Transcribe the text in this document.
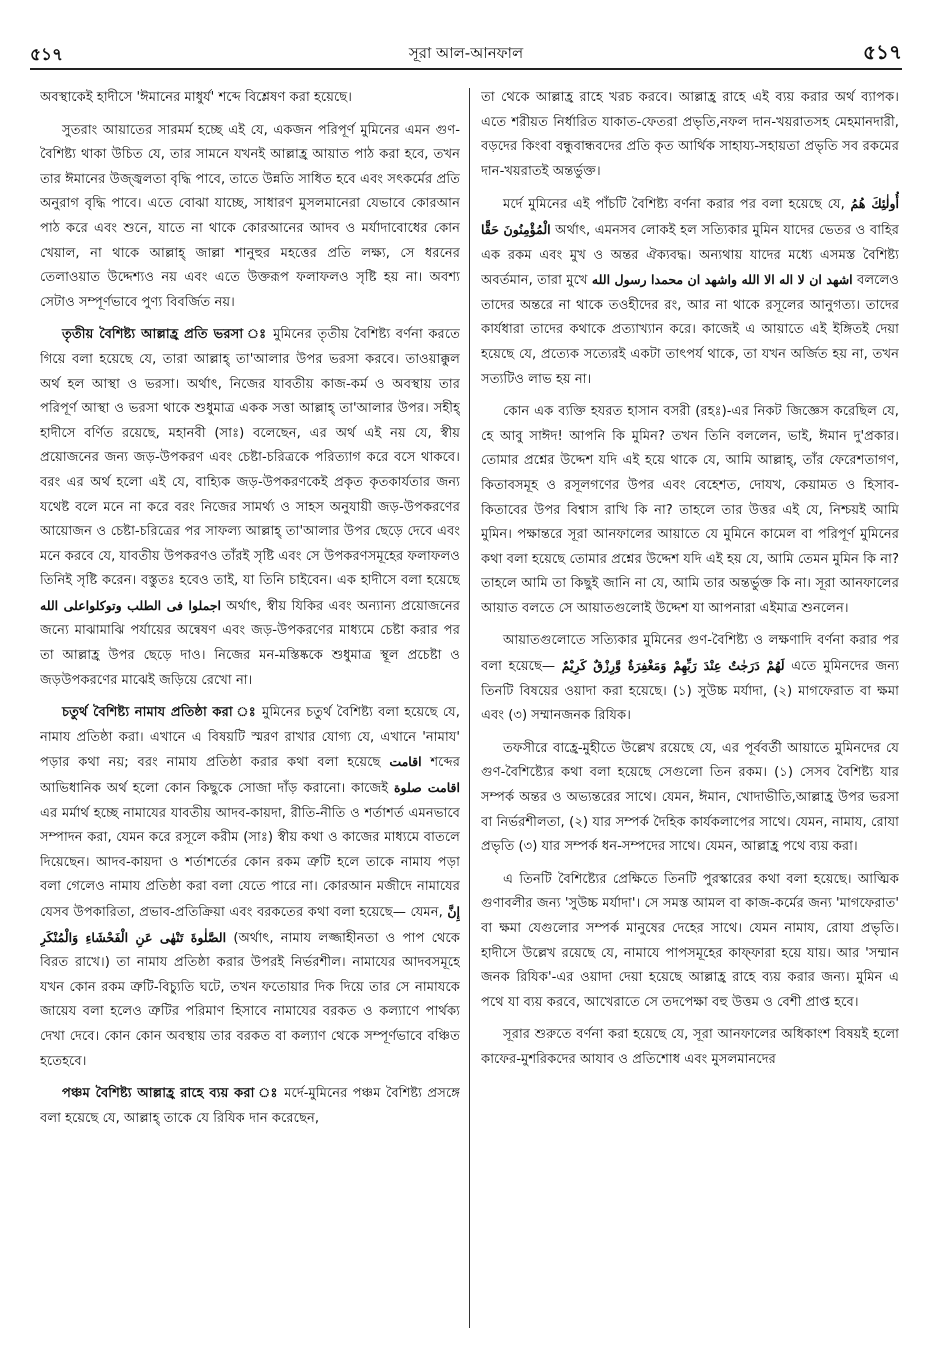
৫১৭	সূরা আল-আনফাল	৫১৭

অবস্থাকেই হাদীসে 'ঈমানের মাধুর্য' শব্দে বিশ্লেষণ করা হয়েছে।

সুতরাং আয়াতের সারমর্ম হচ্ছে এই যে, একজন পরিপূর্ণ মুমিনের এমন গুণ-বৈশিষ্ট্য থাকা উচিত যে, তার সামনে যখনই আল্লাহ্র আয়াত পাঠ করা হবে, তখন তার ঈমানের উজ্জ্বলতা বৃদ্ধি পাবে, তাতে উন্নতি সাধিত হবে এবং সৎকর্মের প্রতি অনুরাগ বৃদ্ধি পাবে। এতে বোঝা যাচ্ছে, সাধারণ মুসলমানেরা যেভাবে কোরআন পাঠ করে এবং শুনে, যাতে না থাকে কোরআনের আদব ও মর্যাদাবোধের কোন খেয়াল, না থাকে আল্লাহ্ জাল্লা শানুহুর মহত্তের প্রতি লক্ষ্য, সে ধরনের তেলাওয়াত উদ্দেশ্যও নয় এবং এতে উক্তরূপ ফলাফলও সৃষ্টি হয় না। অবশ্য সেটাও সম্পূর্ণভাবে পুণ্য বিবর্জিত নয়।

তৃতীয় বৈশিষ্ট্য আল্লাহ্র প্রতি ভরসা ঃ মুমিনের তৃতীয় বৈশিষ্ট্য বর্ণনা করতে গিয়ে বলা হয়েছে যে, তারা আল্লাহ্ তা'আলার উপর ভরসা করবে। তাওয়াক্কুল অর্থ হল আস্থা ও ভরসা। অর্থাৎ, নিজের যাবতীয় কাজ-কর্ম ও অবস্থায় তার পরিপূর্ণ আস্থা ও ভরসা থাকে শুধুমাত্র একক সত্তা আল্লাহ্ তা'আলার উপর। সহীহ্ হাদীসে বর্ণিত রয়েছে, মহানবী (সাঃ) বলেছেন, এর অর্থ এই নয় যে, স্বীয় প্রয়োজনের জন্য জড়-উপকরণ এবং চেষ্টা-চরিত্রকে পরিত্যাগ করে বসে থাকবে। বরং এর অর্থ হলো এই যে, বাহ্যিক জড়-উপকরণকেই প্রকৃত কৃতকার্যতার জন্য যথেষ্ট বলে মনে না করে বরং নিজের সামর্থ্য ও সাহস অনুযায়ী জড়-উপকরণের আয়োজন ও চেষ্টা-চরিত্রের পর সাফল্য আল্লাহ্ তা'আলার উপর ছেড়ে দেবে এবং মনে করবে যে, যাবতীয় উপকরণও তাঁরই সৃষ্টি এবং সে উপকরণসমূহের ফলাফলও তিনিই সৃষ্টি করেন। বস্তুতঃ হবেও তাই, যা তিনি চাইবেন। এক হাদীসে বলা হয়েছে اجملوا فى الطلب وتوكلواعلى الله অর্থাৎ, স্বীয় যিকির এবং অন্যান্য প্রয়োজনের জন্যে মাঝামাঝি পর্যায়ের অন্বেষণ এবং জড়-উপকরণের মাধ্যমে চেষ্টা করার পর তা আল্লাহ্র উপর ছেড়ে দাও। নিজের মন-মস্তিষ্ককে শুধুমাত্র স্থূল প্রচেষ্টা ও জড়উপকরণের মাঝেই জড়িয়ে রেখো না।

চতুর্থ বৈশিষ্ট্য নামায প্রতিষ্ঠা করা ঃ মুমিনের চতুর্থ বৈশিষ্ট্য বলা হয়েছে যে, নামায প্রতিষ্ঠা করা। এখানে এ বিষয়টি স্মরণ রাখার যোগ্য যে, এখানে 'নামায' পড়ার কথা নয়; বরং নামায প্রতিষ্ঠা করার কথা বলা হয়েছে اقامت শব্দের আভিধানিক অর্থ হলো কোন কিছুকে সোজা দাঁড় করানো। কাজেই اقامت صلوة এর মর্মার্থ হচ্ছে নামাযের যাবতীয় আদব-কায়দা, রীতি-নীতি ও শর্তাশর্ত এমনভাবে সম্পাদন করা, যেমন করে রসূলে করীম (সাঃ) স্বীয় কথা ও কাজের মাধ্যমে বাতলে দিয়েছেন। আদব-কায়দা ও শর্তাশর্তের কোন রকম ত্রুটি হলে তাকে নামায পড়া বলা গেলেও নামায প্রতিষ্ঠা করা বলা যেতে পারে না। কোরআন মজীদে নামাযের যেসব উপকারিতা, প্রভাব-প্রতিক্রিয়া এবং বরকতের কথা বলা হয়েছে— যেমন, إِنَّ الصَّلٰوةَ تَنْهٰى عَنِ الْفَحْشَاءِ وَالْمُنْكَرِ (অর্থাৎ, নামায লজ্জাহীনতা ও পাপ থেকে বিরত রাখে।) তা নামায প্রতিষ্ঠা করার উপরই নির্ভরশীল। নামাযের আদবসমূহে যখন কোন রকম ত্রুটি-বিচ্যুতি ঘটে, তখন ফতোয়ার দিক দিয়ে তার সে নামাযকে জায়েয বলা হলেও ত্রুটির পরিমাণ হিসাবে নামাযের বরকত ও কল্যাণে পার্থক্য দেখা দেবে। কোন কোন অবস্থায় তার বরকত বা কল্যাণ থেকে সম্পূর্ণভাবে বঞ্চিত হতেহবে।

পঞ্চম বৈশিষ্ট্য আল্লাহ্র রাহে ব্যয় করা ঃ মর্দে-মুমিনের পঞ্চম বৈশিষ্ট্য প্রসঙ্গে বলা হয়েছে যে, আল্লাহ্ তাকে যে রিযিক দান করেছেন,

তা থেকে আল্লাহ্র রাহে খরচ করবে। আল্লাহ্র রাহে এই ব্যয় করার অর্থ ব্যাপক। এতে শরীয়ত নির্ধারিত যাকাত-ফেতরা প্রভৃতি,নফল দান-খয়রাতসহ মেহমানদারী, বড়দের কিংবা বন্ধুবান্ধবদের প্রতি কৃত আর্থিক সাহায্য-সহায়তা প্রভৃতি সব রকমের দান-খয়রাতই অন্তর্ভুক্ত।

মর্দে মুমিনের এই পাঁচটি বৈশিষ্ট্য বর্ণনা করার পর বলা হয়েছে যে, أُولٰئِكَ هُمُ الْمُؤْمِنُونَ حَقًّا অর্থাৎ, এমনসব লোকই হল সত্যিকার মুমিন যাদের ভেতর ও বাহির এক রকম এবং মুখ ও অন্তর ঐক্যবদ্ধ। অন্যথায় যাদের মধ্যে এসমস্ত বৈশিষ্ট্য অবর্তমান, তারা মুখে اشهد ان لا اله الا الله واشهد ان محمدا رسول الله বললেও তাদের অন্তরে না থাকে তওহীদের রং, আর না থাকে রসূলের আনুগত্য। তাদের কার্যধারা তাদের কথাকে প্রত্যাখ্যান করে। কাজেই এ আয়াতে এই ইঙ্গিতই দেয়া হয়েছে যে, প্রত্যেক সত্যেরই একটা তাৎপর্য থাকে, তা যখন অর্জিত হয় না, তখন সত্যটিও লাভ হয় না।

কোন এক ব্যক্তি হযরত হাসান বসরী (রহঃ)-এর নিকট জিজ্ঞেস করেছিল যে, হে আবু সাঈদ! আপনি কি মুমিন? তখন তিনি বললেন, ভাই, ঈমান দু'প্রকার। তোমার প্রশ্নের উদ্দেশ যদি এই হয়ে থাকে যে, আমি আল্লাহ্, তাঁর ফেরেশতাগণ, কিতাবসমূহ ও রসূলগণের উপর এবং বেহেশত, দোযখ, কেয়ামত ও হিসাব-কিতাবের উপর বিশ্বাস রাখি কি না? তাহলে তার উত্তর এই যে, নিশ্চয়ই আমি মুমিন। পক্ষান্তরে সূরা আনফালের আয়াতে যে মুমিনে কামেল বা পরিপূর্ণ মুমিনের কথা বলা হয়েছে তোমার প্রশ্নের উদ্দেশ যদি এই হয় যে, আমি তেমন মুমিন কি না? তাহলে আমি তা কিছুই জানি না যে, আমি তার অন্তর্ভুক্ত কি না। সূরা আনফালের আয়াত বলতে সে আয়াতগুলোই উদ্দেশ যা আপনারা এইমাত্র শুনলেন।

আয়াতগুলোতে সত্যিকার মুমিনের গুণ-বৈশিষ্ট্য ও লক্ষণাদি বর্ণনা করার পর বলা হয়েছে— لَهُمْ دَرَجٰتٌ عِنْدَ رَبِّهِمْ وَمَغْفِرَةٌ وَّرِزْقٌ كَرِيْمٌ এতে মুমিনদের জন্য তিনটি বিষয়ের ওয়াদা করা হয়েছে। (১) সুউচ্চ মর্যাদা, (২) মাগফেরাত বা ক্ষমা এবং (৩) সম্মানজনক রিযিক।

তফসীরে বাহ্রে-মুহীতে উল্লেখ রয়েছে যে, এর পূর্ববর্তী আয়াতে মুমিনদের যে গুণ-বৈশিষ্ট্যের কথা বলা হয়েছে সেগুলো তিন রকম। (১) সেসব বৈশিষ্ট্য যার সম্পর্ক অন্তর ও অভ্যন্তরের সাথে। যেমন, ঈমান, খোদাভীতি,আল্লাহ্র উপর ভরসা বা নির্ভরশীলতা, (২) যার সম্পর্ক দৈহিক কার্যকলাপের সাথে। যেমন, নামায, রোযা প্রভৃতি (৩) যার সম্পর্ক ধন-সম্পদের সাথে। যেমন, আল্লাহ্র পথে ব্যয় করা।

এ তিনটি বৈশিষ্ট্যের প্রেক্ষিতে তিনটি পুরস্কারের কথা বলা হয়েছে। আত্মিক গুণাবলীর জন্য 'সুউচ্চ মর্যাদা'। সে সমস্ত আমল বা কাজ-কর্মের জন্য 'মাগফেরাত' বা ক্ষমা যেগুলোর সম্পর্ক মানুষের দেহের সাথে। যেমন নামায, রোযা প্রভৃতি। হাদীসে উল্লেখ রয়েছে যে, নামাযে পাপসমূহের কাফ্ফারা হয়ে যায়। আর 'সম্মান জনক রিযিক'-এর ওয়াদা দেয়া হয়েছে আল্লাহ্র রাহে ব্যয় করার জন্য। মুমিন এ পথে যা ব্যয় করবে, আখেরাতে সে তদপেক্ষা বহু উত্তম ও বেশী প্রাপ্ত হবে।

সূরার শুরুতে বর্ণনা করা হয়েছে যে, সূরা আনফালের অধিকাংশ বিষয়ই হলো কাফের-মুশরিকদের আযাব ও প্রতিশোধ এবং মুসলমানদের
